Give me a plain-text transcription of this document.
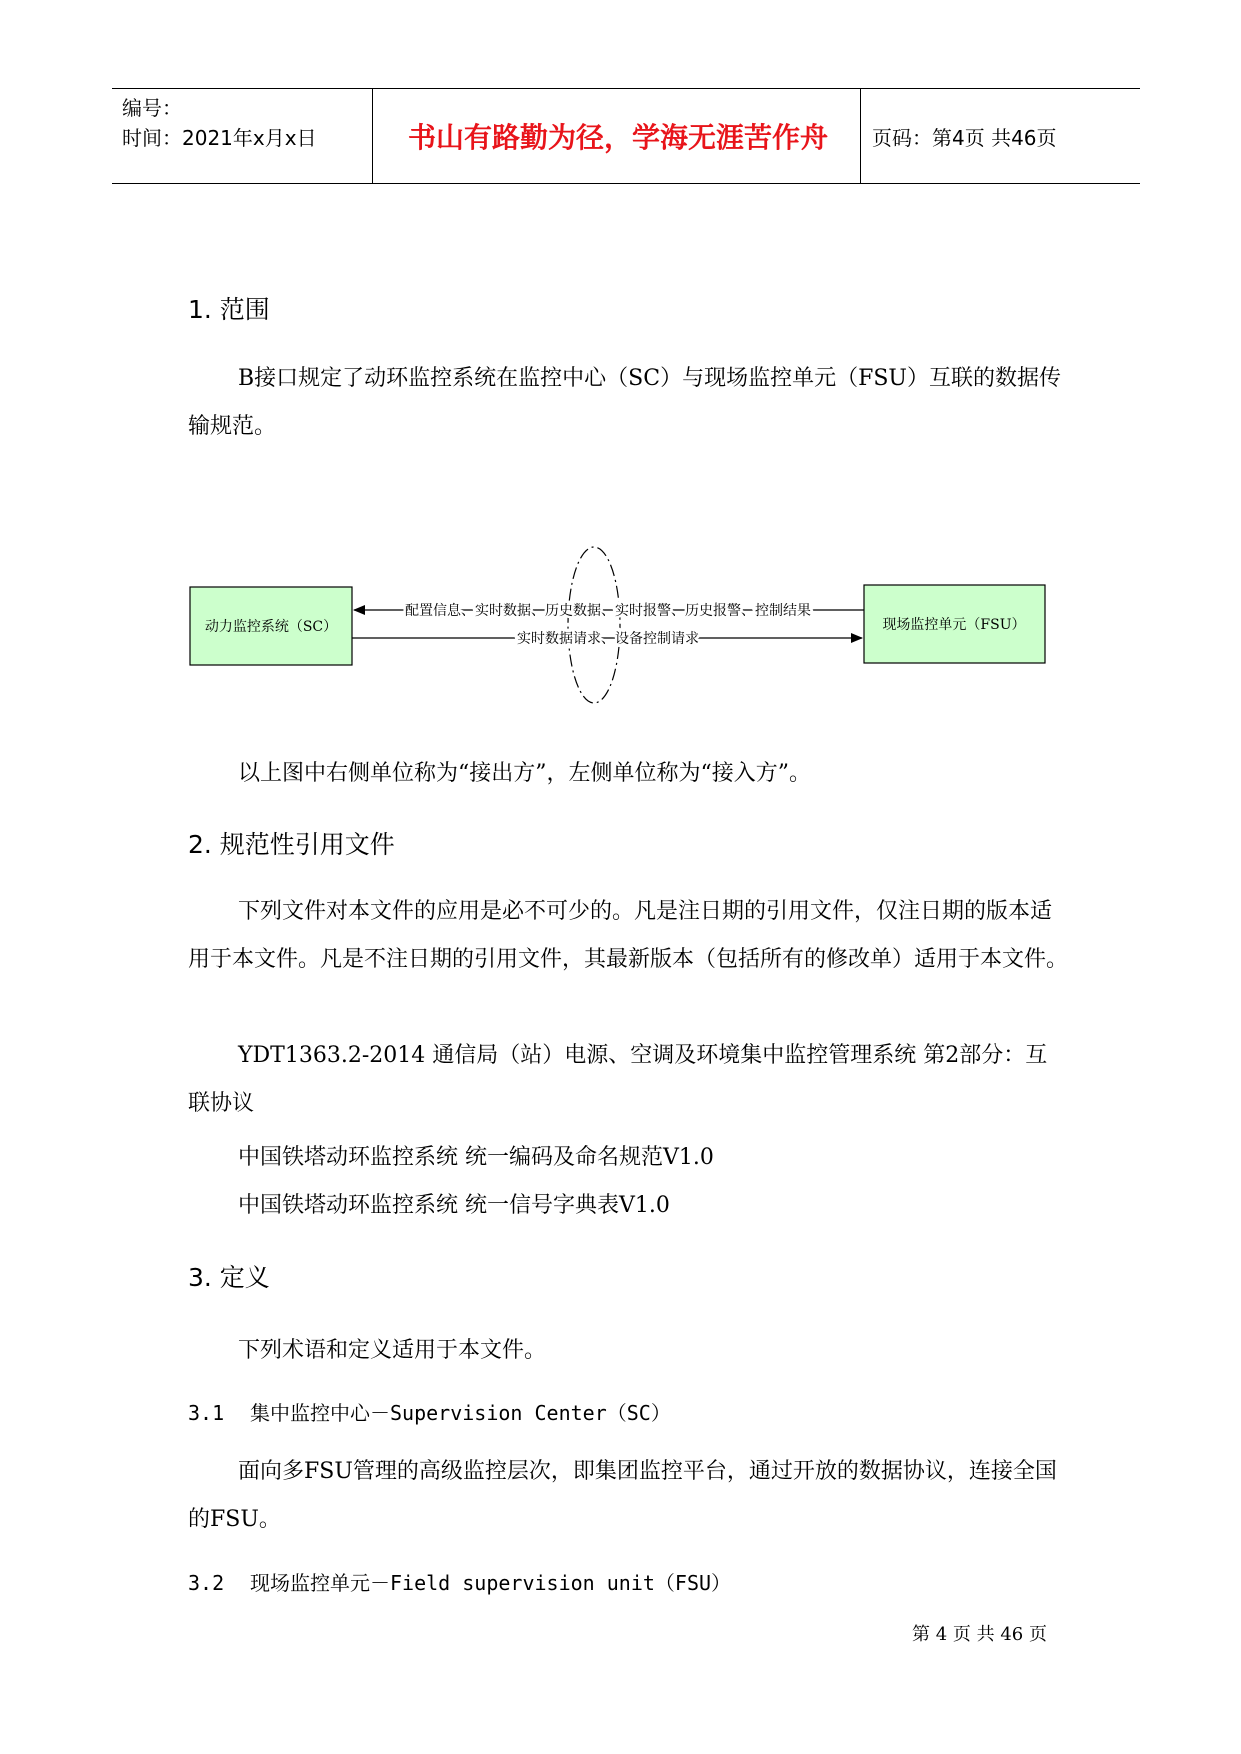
编号：
时间：2021年x月x日	书山有路勤为径，学海无涯苦作舟	页码：第4页 共46页
1. 范围

B接口规定了动环监控系统在监控中心（SC）与现场监控单元（FSU）互联的数据传输规范。

动力监控系统（SC）	现场监控单元（FSU）
配置信息、实时数据、历史数据、实时报警、历史报警、控制结果
实时数据请求、设备控制请求
以上图中右侧单位称为“接出方”，左侧单位称为“接入方”。
2. 规范性引用文件

下列文件对本文件的应用是必不可少的。凡是注日期的引用文件，仅注日期的版本适用于本文件。凡是不注日期的引用文件，其最新版本（包括所有的修改单）适用于本文件。

YDT1363.2-2014 通信局（站）电源、空调及环境集中监控管理系统 第2部分：互联协议

中国铁塔动环监控系统 统一编码及命名规范V1.0
中国铁塔动环监控系统 统一信号字典表V1.0
3. 定义
下列术语和定义适用于本文件。
3.1 集中监控中心－Supervision Center（SC）

面向多FSU管理的高级监控层次，即集团监控平台，通过开放的数据协议，连接全国的FSU。

3.2 现场监控单元－Field supervision unit（FSU）
第 4 页 共 46 页
